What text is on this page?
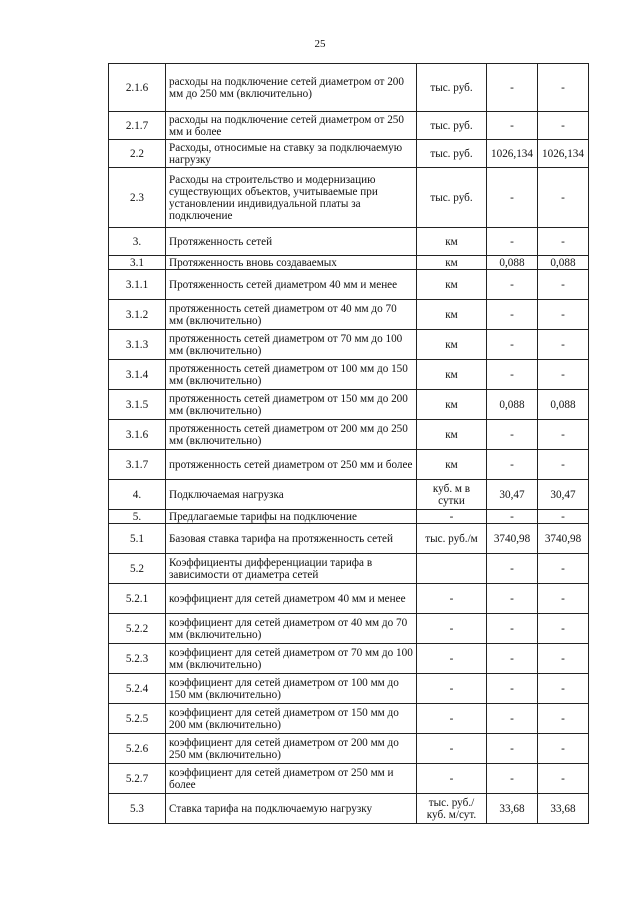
25
2.1.6	расходы на подключение сетей диаметром от 200 мм до 250 мм (включительно)	тыс. руб.	-	-
2.1.7	расходы на подключение сетей диаметром от 250 мм и более	тыс. руб.	-	-
2.2	Расходы, относимые на ставку за подключаемую нагрузку	тыс. руб.	1026,134	1026,134
2.3	Расходы на строительство и модернизацию существующих объектов, учитываемые при установлении индивидуальной платы за подключение	тыс. руб.	-	-
3.	Протяженность сетей	км	-	-
3.1	Протяженность вновь создаваемых	км	0,088	0,088
3.1.1	Протяженность сетей диаметром 40 мм и менее	км	-	-
3.1.2	протяженность сетей диаметром от 40 мм до 70 мм (включительно)	км	-	-
3.1.3	протяженность сетей диаметром от 70 мм до 100 мм (включительно)	км	-	-
3.1.4	протяженность сетей диаметром от 100 мм до 150 мм (включительно)	км	-	-
3.1.5	протяженность сетей диаметром от 150 мм до 200 мм (включительно)	км	0,088	0,088
3.1.6	протяженность сетей диаметром от 200 мм до 250 мм (включительно)	км	-	-
3.1.7	протяженность сетей диаметром от 250 мм и более	км	-	-
4.	Подключаемая нагрузка	куб. м в сутки	30,47	30,47
5.	Предлагаемые тарифы на подключение	-	-	-
5.1	Базовая ставка тарифа на протяженность сетей	тыс. руб./м	3740,98	3740,98
5.2	Коэффициенты дифференциации тарифа в зависимости от диаметра сетей		-	-
5.2.1	коэффициент для сетей диаметром 40 мм и менее	-	-	-
5.2.2	коэффициент для сетей диаметром от 40 мм до 70 мм (включительно)	-	-	-
5.2.3	коэффициент для сетей диаметром от 70 мм до 100 мм (включительно)	-	-	-
5.2.4	коэффициент для сетей диаметром от 100 мм до 150 мм (включительно)	-	-	-
5.2.5	коэффициент для сетей диаметром от 150 мм до 200 мм (включительно)	-	-	-
5.2.6	коэффициент для сетей диаметром от 200 мм до 250 мм (включительно)	-	-	-
5.2.7	коэффициент для сетей диаметром от 250 мм и более	-	-	-
5.3	Ставка тарифа на подключаемую нагрузку	тыс. руб./ куб. м/сут.	33,68	33,68
